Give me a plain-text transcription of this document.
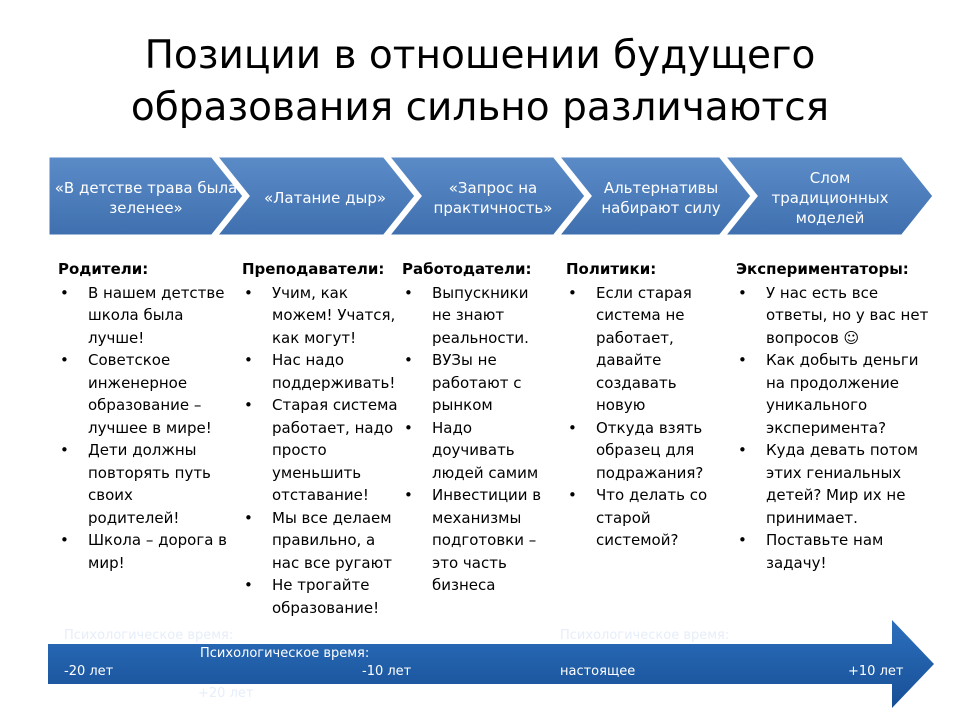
Позиции в отношении будущего
образования сильно различаются
«В детстве трава была зеленее»
«Латание дыр»
«Запрос на практичность»
Альтернативы набирают силу
Слом традиционных моделей
Родители:
• В нашем детстве школа была лучше!
• Советское инженерное образование – лучшее в мире!
• Дети должны повторять путь своих родителей!
• Школа – дорога в мир!
Преподаватели:
• Учим, как можем! Учатся, как могут!
• Нас надо поддерживать!
• Старая система работает, надо просто уменьшить отставание!
• Мы все делаем правильно, а нас все ругают
• Не трогайте образование!
Работодатели:
• Выпускники не знают реальности.
• ВУЗы не работают с рынком
• Надо доучивать людей самим
• Инвестиции в механизмы подготовки – это часть бизнеса
Политики:
• Если старая система не работает, давайте создавать новую
• Откуда взять образец для подражания?
• Что делать со старой системой?
Экспериментаторы:
• У нас есть все ответы, но у вас нет вопросов ☺
• Как добыть деньги на продолжение уникального эксперимента?
• Куда девать потом этих гениальных детей? Мир их не принимает.
• Поставьте нам задачу!
Психологическое время:	Психологическое время:
Психологическое время:
-20 лет	-10 лет	настоящее	+10 лет
+20 лет
